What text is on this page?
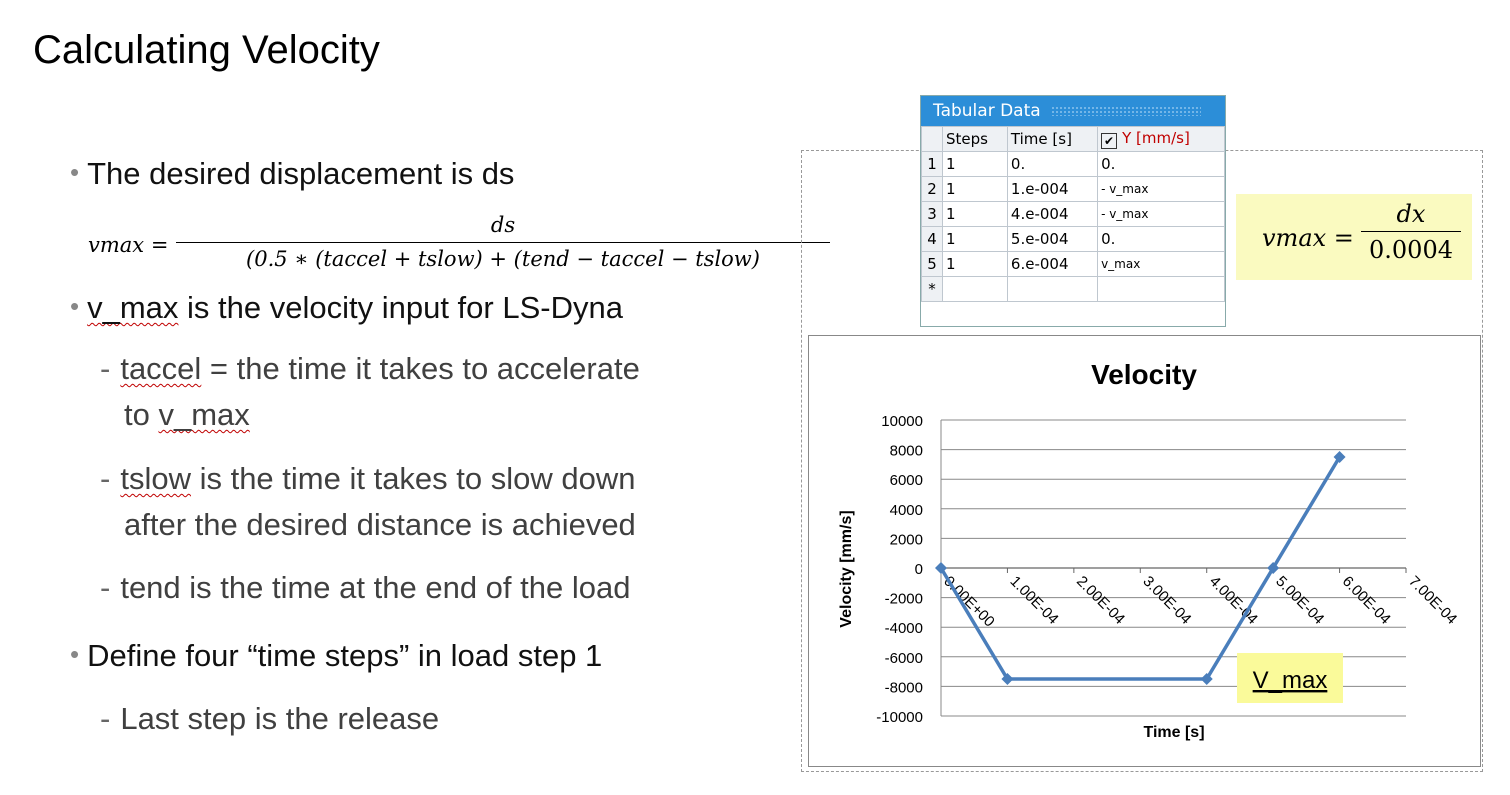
Calculating Velocity
• The desired displacement is ds
• v_max is the velocity input for LS-Dyna
- taccel = the time it takes to accelerate
to v_max
- tslow is the time it takes to slow down
after the desired distance is achieved
- tend is the time at the end of the load
• Define four “time steps” in load step 1
- Last step is the release
vmax =
ds
(0.5 ∗ (taccel + tslow) + (tend − taccel − tslow)
Tabular Data
	Steps	Time [s]	✔ Y [mm/s]
1	1	0.	0.
2	1	1.e-004	- v_max
3	1	4.e-004	- v_max
4	1	5.e-004	0.
5	1	6.e-004	v_max
*			
vmax =
dx
0.0004
Velocity
10000
8000
6000
4000
2000
0
-2000
-4000
-6000
-8000
-10000
0.00E+00 1.00E-04 2.00E-04 3.00E-04 4.00E-04 5.00E-04 6.00E-04 7.00E-04
Time [s]
Velocity [mm/s]
V_max
